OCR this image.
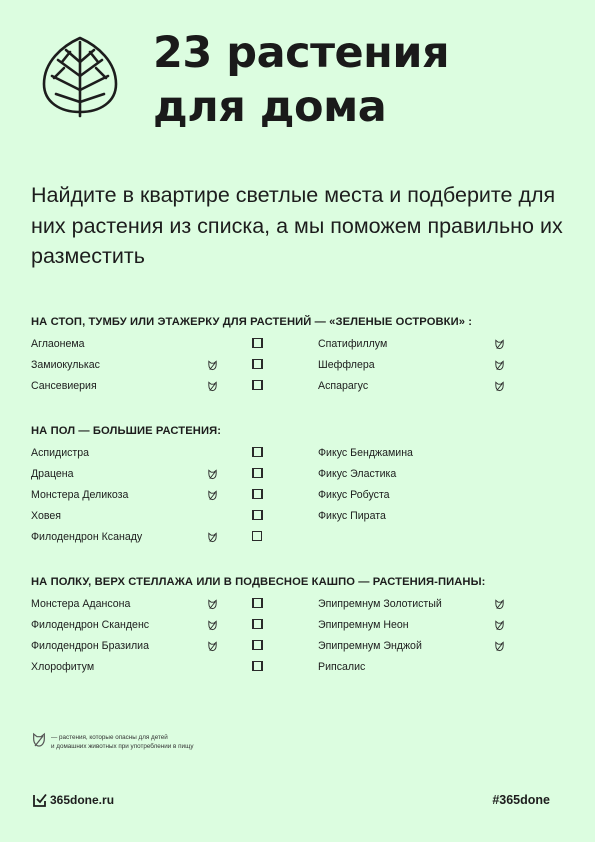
23 растения
для дома

Найдите в квартире светлые места и подберите для них растения из списка, а мы поможем правильно их разместить

НА СТОП, ТУМБУ ИЛИ ЭТАЖЕРКУ ДЛЯ РАСТЕНИЙ — «ЗЕЛЕНЫЕ ОСТРОВКИ» :
Аглаонема
Замиокулькас
Сансевиерия
Спатифиллум
Шеффлера
Аспарагус
НА ПОЛ — БОЛЬШИЕ РАСТЕНИЯ:
Аспидистра
Драцена
Монстера Деликоза
Ховея
Филодендрон Ксанаду
Фикус Бенджамина
Фикус Эластика
Фикус Робуста
Фикус Пирата
НА ПОЛКУ, ВЕРХ СТЕЛЛАЖА ИЛИ В ПОДВЕСНОЕ КАШПО — РАСТЕНИЯ-ПИАНЫ:
Монстера Адансона
Филодендрон Сканденс
Филодендрон Бразилиа
Хлорофитум
Эпипремнум Золотистый
Эпипремнум Неон
Эпипремнум Энджой
Рипсалис
— растения, которые опасны для детей
и домашних животных при употреблении в пищу
365done.ru	#365done
